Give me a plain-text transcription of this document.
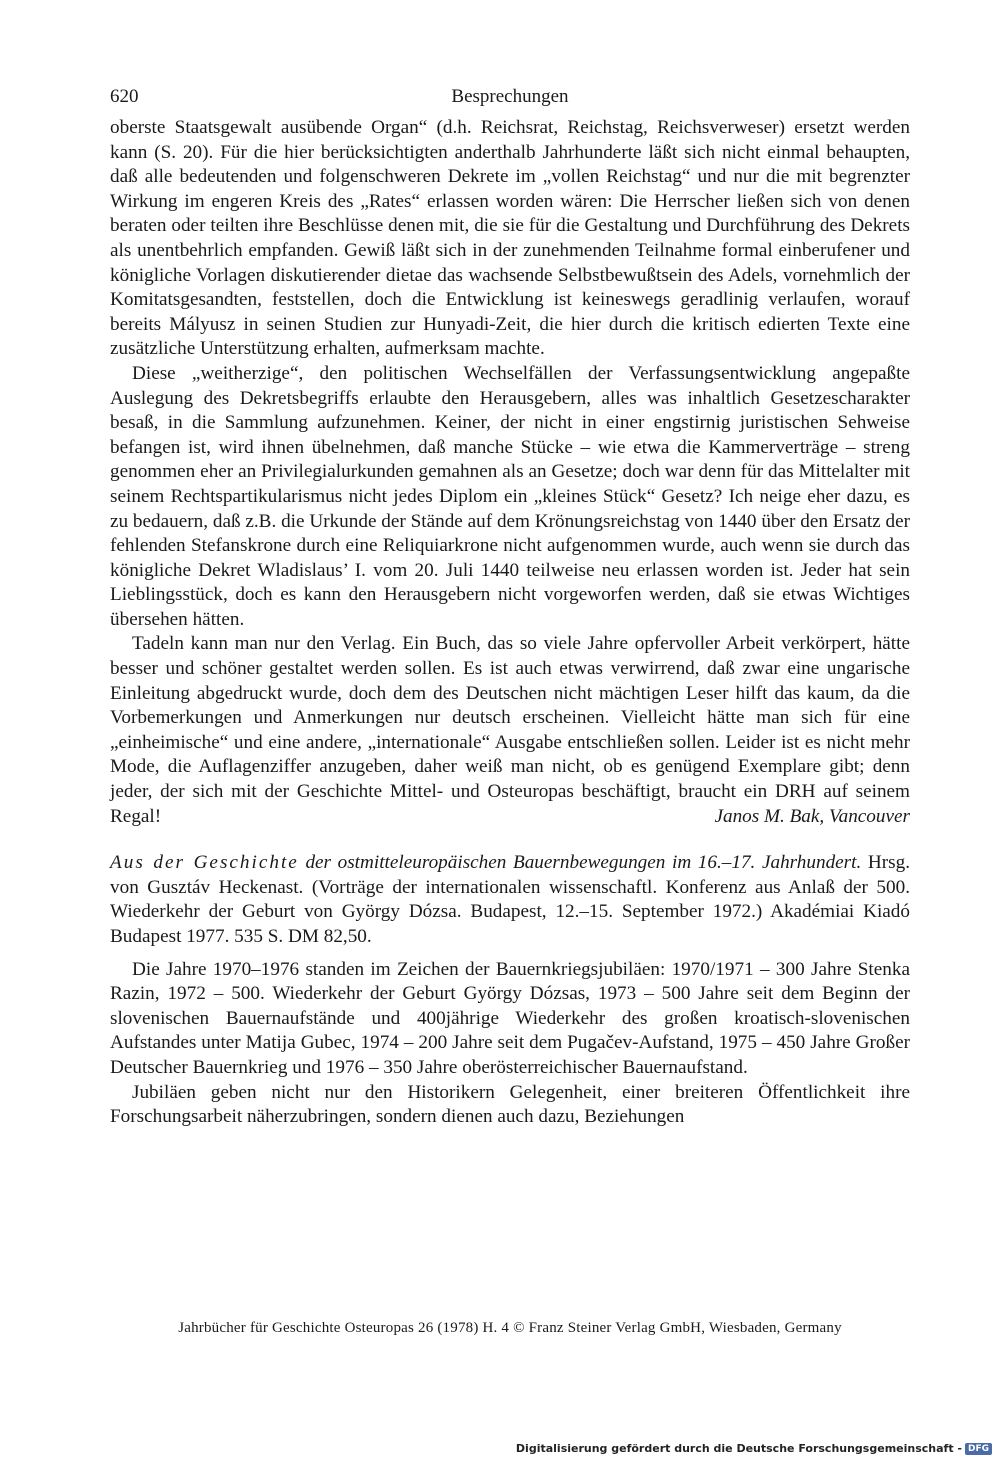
620	Besprechungen

oberste Staatsgewalt ausübende Organ“ (d.h. Reichsrat, Reichstag, Reichsverweser) ersetzt werden kann (S. 20). Für die hier berücksichtigten anderthalb Jahrhunderte läßt sich nicht einmal behaupten, daß alle bedeutenden und folgenschweren Dekrete im „vollen Reichstag“ und nur die mit begrenzter Wirkung im engeren Kreis des „Rates“ erlassen worden wären: Die Herrscher ließen sich von denen beraten oder teilten ihre Beschlüsse denen mit, die sie für die Gestaltung und Durchführung des Dekrets als unentbehrlich empfanden. Gewiß läßt sich in der zunehmenden Teilnahme formal einberufener und königliche Vorlagen diskutierender dietae das wachsende Selbstbewußtsein des Adels, vornehmlich der Komitatsgesandten, feststellen, doch die Entwicklung ist keineswegs geradlinig verlaufen, worauf bereits Mályusz in seinen Studien zur Hunyadi-Zeit, die hier durch die kritisch edierten Texte eine zusätzliche Unterstützung erhalten, aufmerksam machte.

Diese „weitherzige“, den politischen Wechselfällen der Verfassungsentwicklung angepaßte Auslegung des Dekretsbegriffs erlaubte den Herausgebern, alles was inhaltlich Gesetzescharakter besaß, in die Sammlung aufzunehmen. Keiner, der nicht in einer engstirnig juristischen Sehweise befangen ist, wird ihnen übelnehmen, daß manche Stücke – wie etwa die Kammerverträge – streng genommen eher an Privilegialurkunden gemahnen als an Gesetze; doch war denn für das Mittelalter mit seinem Rechtspartikularismus nicht jedes Diplom ein „kleines Stück“ Gesetz? Ich neige eher dazu, es zu bedauern, daß z.B. die Urkunde der Stände auf dem Krönungsreichstag von 1440 über den Ersatz der fehlenden Stefanskrone durch eine Reliquiarkrone nicht aufgenommen wurde, auch wenn sie durch das königliche Dekret Wladislaus’ I. vom 20. Juli 1440 teilweise neu erlassen worden ist. Jeder hat sein Lieblingsstück, doch es kann den Herausgebern nicht vorgeworfen werden, daß sie etwas Wichtiges übersehen hätten.

Tadeln kann man nur den Verlag. Ein Buch, das so viele Jahre opfervoller Arbeit verkörpert, hätte besser und schöner gestaltet werden sollen. Es ist auch etwas verwirrend, daß zwar eine ungarische Einleitung abgedruckt wurde, doch dem des Deutschen nicht mächtigen Leser hilft das kaum, da die Vorbemerkungen und Anmerkungen nur deutsch erscheinen. Vielleicht hätte man sich für eine „einheimische“ und eine andere, „internationale“ Ausgabe entschließen sollen. Leider ist es nicht mehr Mode, die Auflagenziffer anzugeben, daher weiß man nicht, ob es genügend Exemplare gibt; denn jeder, der sich mit der Geschichte Mittel- und Osteuropas beschäftigt, braucht ein DRH auf seinem Regal!	Janos M. Bak, Vancouver

Aus der Geschichte der ostmitteleuropäischen Bauernbewegungen im 16.–17. Jahrhundert. Hrsg. von Gusztáv Heckenast. (Vorträge der internationalen wissenschaftl. Konferenz aus Anlaß der 500. Wiederkehr der Geburt von György Dózsa. Budapest, 12.–15. September 1972.) Akadémiai Kiadó Budapest 1977. 535 S. DM 82,50.

Die Jahre 1970–1976 standen im Zeichen der Bauernkriegsjubiläen: 1970/1971 – 300 Jahre Stenka Razin, 1972 – 500. Wiederkehr der Geburt György Dózsas, 1973 – 500 Jahre seit dem Beginn der slovenischen Bauernaufstände und 400jährige Wiederkehr des großen kroatisch-slovenischen Aufstandes unter Matija Gubec, 1974 – 200 Jahre seit dem Pugačev-Aufstand, 1975 – 450 Jahre Großer Deutscher Bauernkrieg und 1976 – 350 Jahre oberösterreichischer Bauernaufstand.

Jubiläen geben nicht nur den Historikern Gelegenheit, einer breiteren Öffentlichkeit ihre Forschungsarbeit näherzubringen, sondern dienen auch dazu, Beziehungen

Jahrbücher für Geschichte Osteuropas 26 (1978) H. 4 © Franz Steiner Verlag GmbH, Wiesbaden, Germany
Digitalisierung gefördert durch die Deutsche Forschungsgemeinschaft - DFG
